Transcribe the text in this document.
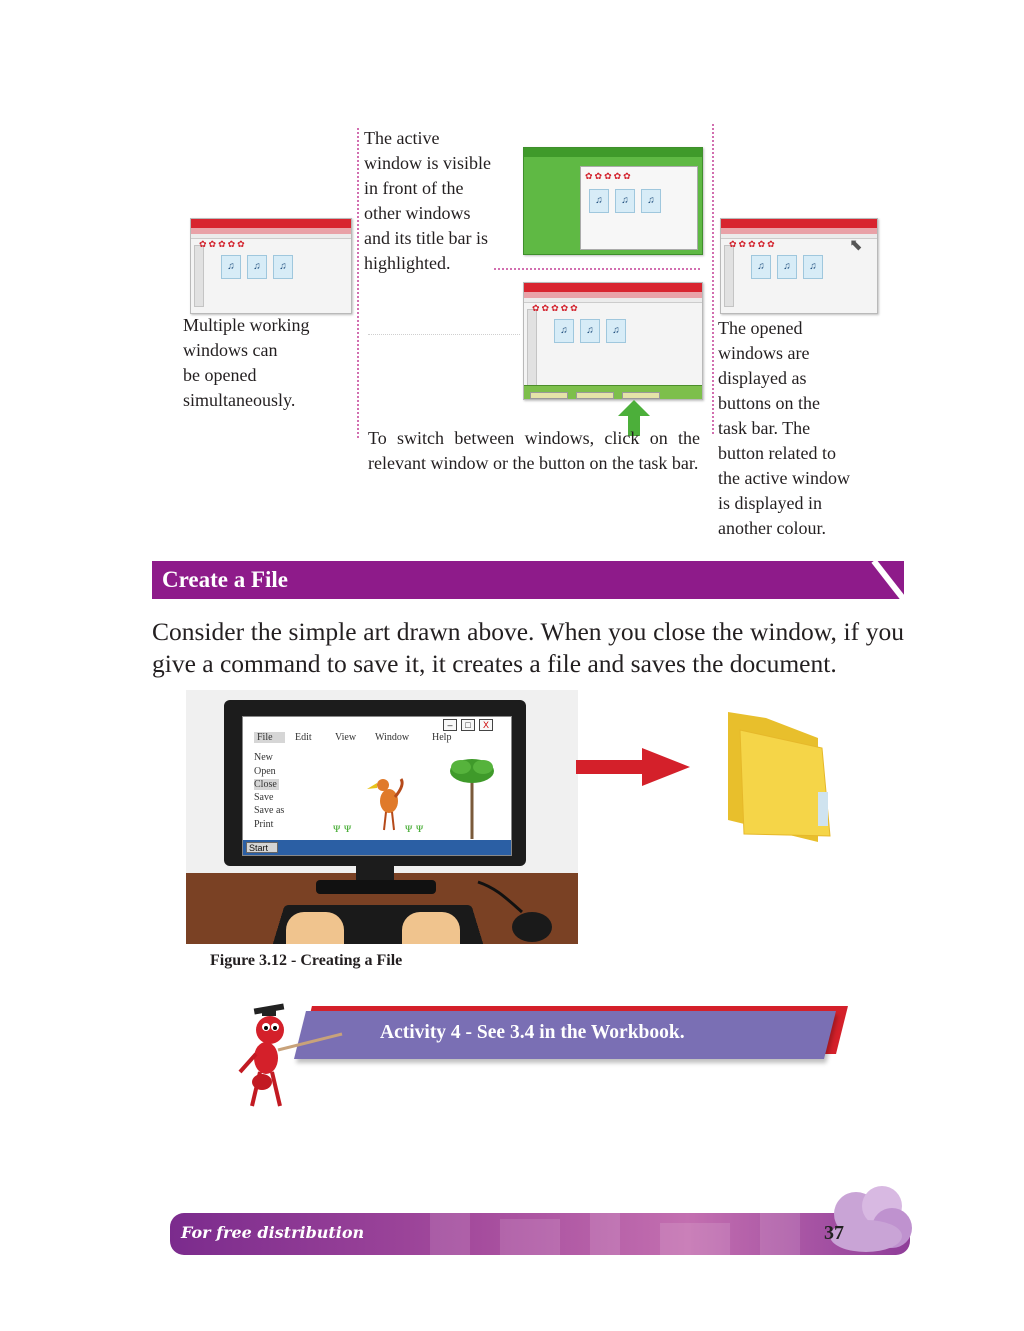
✿✿✿✿✿
♫	♫	♫
The active
window is visible
in front of the
other windows
and its title bar is
highlighted.
✿✿✿✿✿
♫	♫	♫
✿✿✿✿✿
♫	♫	♫
⬉
✿✿✿✿✿
♫	♫	♫
Multiple working
windows can
be opened
simultaneously.
The opened
windows are
displayed as
buttons on the
task bar. The
button related to
the active window
is displayed in
another colour.
To switch between windows, click on the relevant window or the button on the task bar.
Create a File
Consider the simple art drawn above. When you close the window, if you give a command to save it, it creates a file and saves the document.
–	□	X
File	Edit View Window Help
New
Open
Close
Save
Save as
Print	ᴪ ᴪ	ᴪ ᴪ
Start
Figure 3.12 - Creating a File
Activity 4 - See 3.4 in the Workbook.
For free distribution	37
